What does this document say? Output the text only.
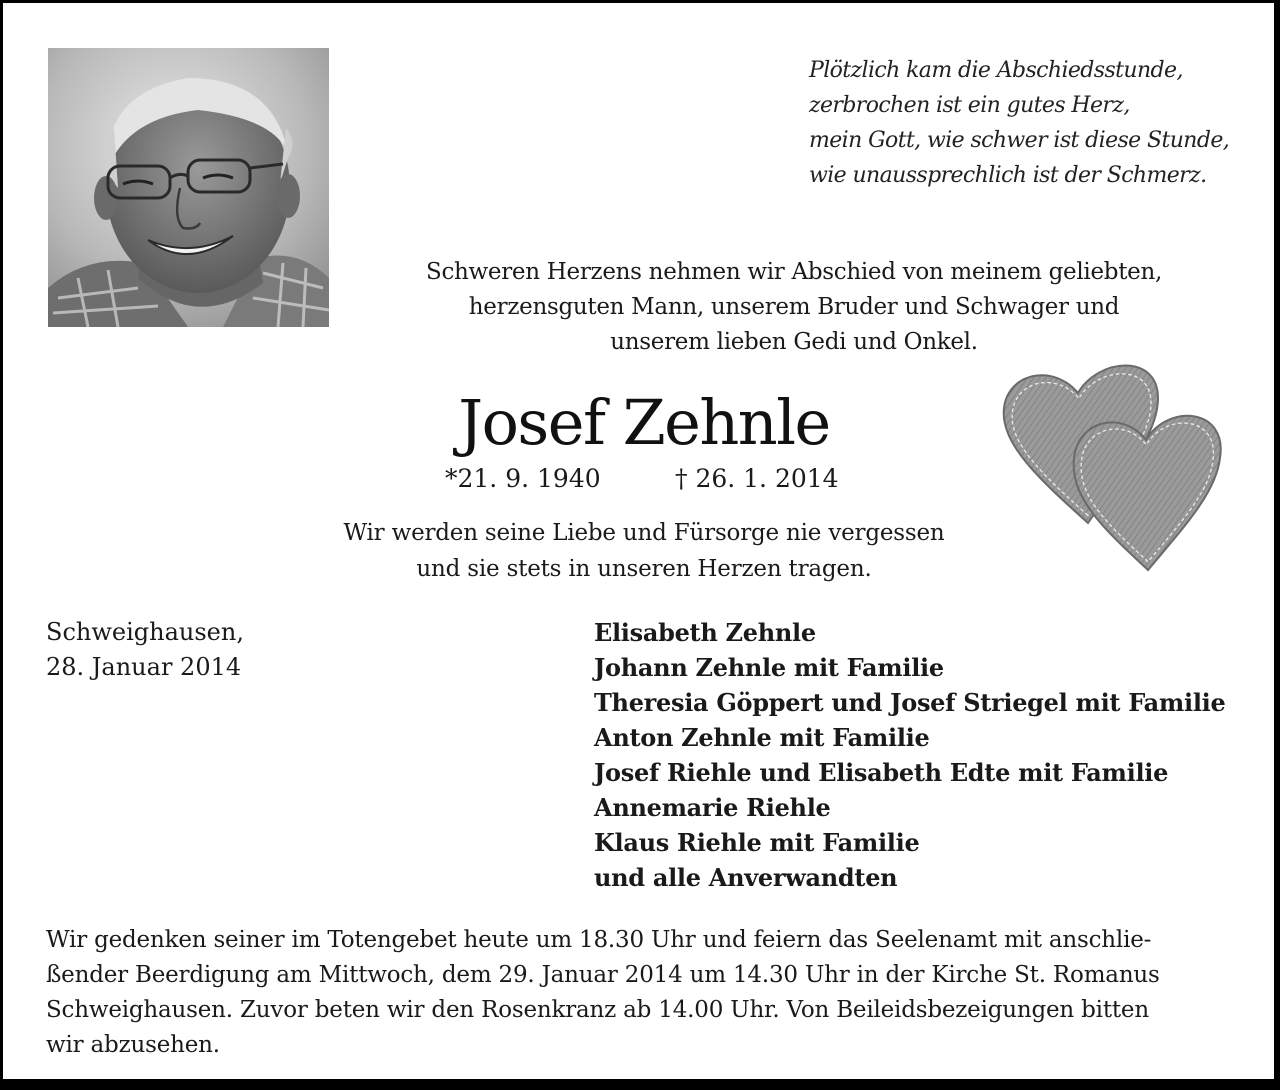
Plötzlich kam die Abschiedsstunde,
zerbrochen ist ein gutes Herz,
mein Gott, wie schwer ist diese Stunde,
wie unaussprechlich ist der Schmerz.
Schweren Herzens nehmen wir Abschied von meinem geliebten,
herzensguten Mann, unserem Bruder und Schwager und
unserem lieben Gedi und Onkel.
Josef Zehnle
*21. 9. 1940	† 26. 1. 2014
Wir werden seine Liebe und Fürsorge nie vergessen
und sie stets in unseren Herzen tragen.
Schweighausen,
28. Januar 2014
Elisabeth Zehnle
Johann Zehnle mit Familie
Theresia Göppert und Josef Striegel mit Familie
Anton Zehnle mit Familie
Josef Riehle und Elisabeth Edte mit Familie
Annemarie Riehle
Klaus Riehle mit Familie
und alle Anverwandten
Wir gedenken seiner im Totengebet heute um 18.30 Uhr und feiern das Seelenamt mit anschlie-
ßender Beerdigung am Mittwoch, dem 29. Januar 2014 um 14.30 Uhr in der Kirche St. Romanus
Schweighausen. Zuvor beten wir den Rosenkranz ab 14.00 Uhr. Von Beileidsbezeigungen bitten
wir abzusehen.
